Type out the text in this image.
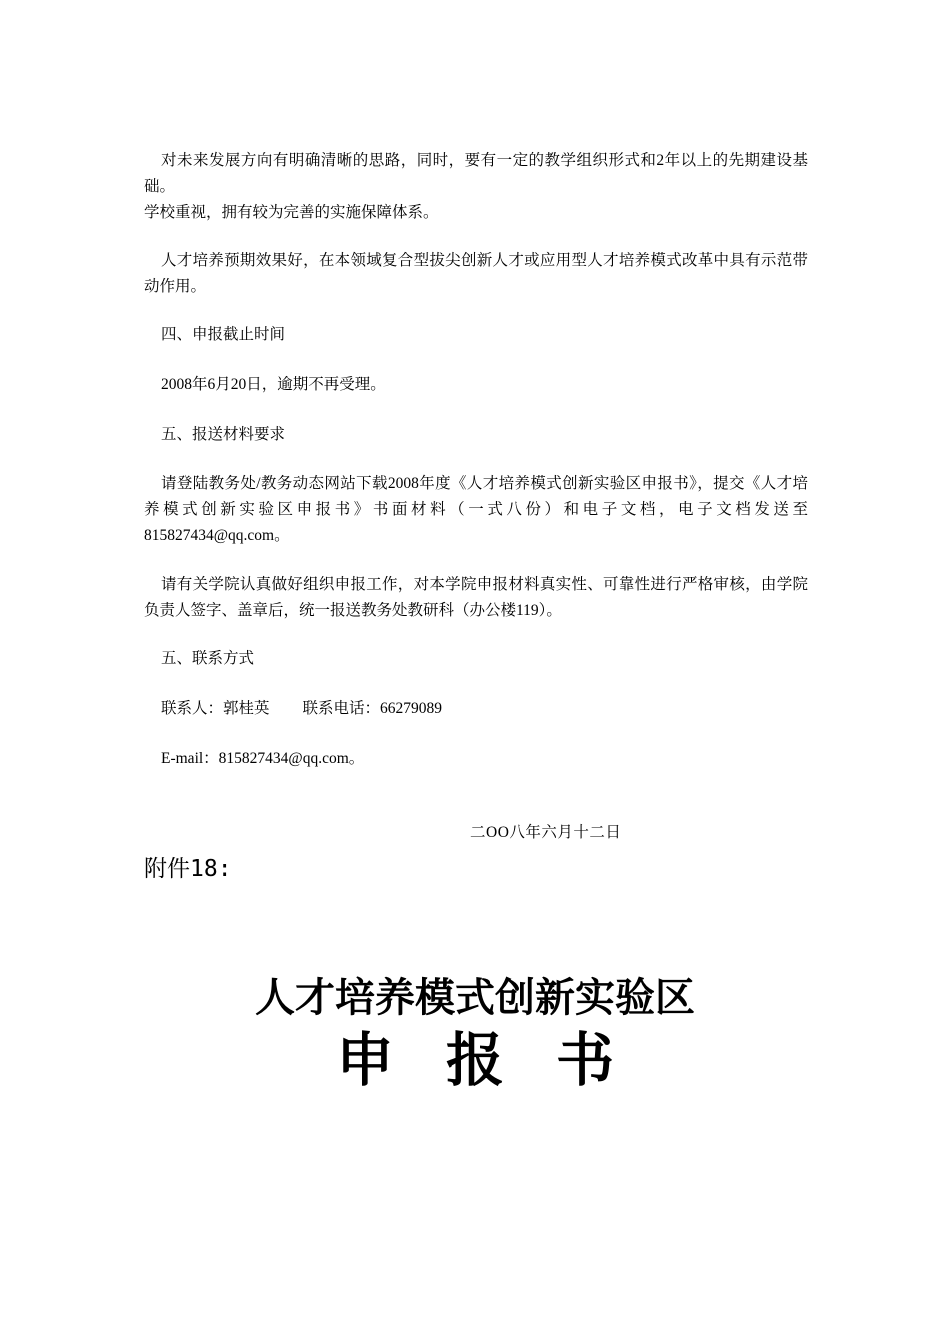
对未来发展方向有明确清晰的思路，同时，要有一定的教学组织形式和2年以上的先期建设基础。

学校重视，拥有较为完善的实施保障体系。

人才培养预期效果好，在本领域复合型拔尖创新人才或应用型人才培养模式改革中具有示范带动作用。

四、申报截止时间

2008年6月20日，逾期不再受理。

五、报送材料要求

请登陆教务处/教务动态网站下载2008年度《人才培养模式创新实验区申报书》，提交《人才培养模式创新实验区申报书》书面材料（一式八份）和电子文档，电子文档发送至815827434@qq.com。

请有关学院认真做好组织申报工作，对本学院申报材料真实性、可靠性进行严格审核，由学院负责人签字、盖章后，统一报送教务处教研科（办公楼119）。

五、联系方式

联系人：郭桂英 联系电话：66279089

E-mail：815827434@qq.com。

二OO八年六月十二日

附件18:

人才培养模式创新实验区
申报书
